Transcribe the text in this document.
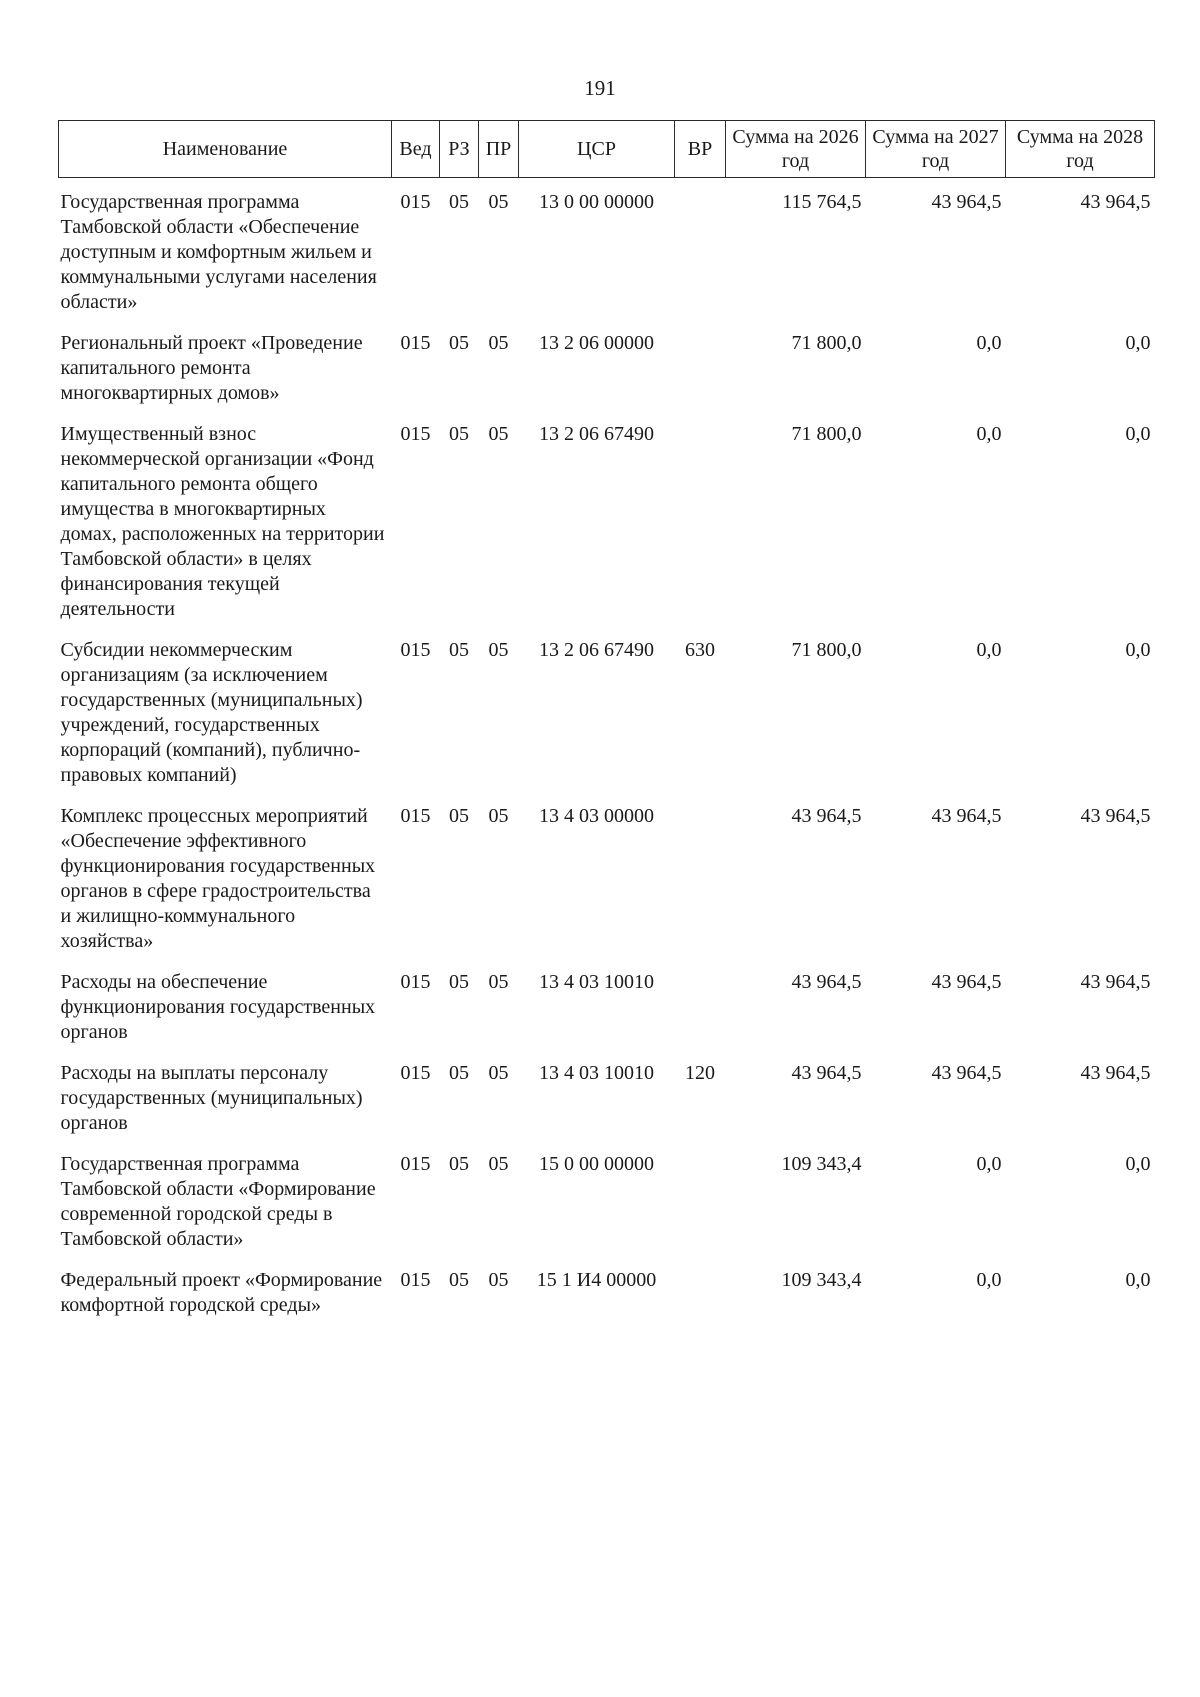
191
Наименование	Вед	РЗ	ПР	ЦСР	ВР	Сумма на 2026 год	Сумма на 2027 год	Сумма на 2028 год
Государственная программа Тамбовской области «Обеспечение доступным и комфортным жильем и коммунальными услугами населения области»	015	05	05	13 0 00 00000		115 764,5	43 964,5	43 964,5
Региональный проект «Проведение капитального ремонта многоквартирных домов»	015	05	05	13 2 06 00000		71 800,0	0,0	0,0
Имущественный взнос некоммерческой организации «Фонд капитального ремонта общего имущества в многоквартирных домах, расположенных на территории Тамбовской области» в целях финансирования текущей деятельности	015	05	05	13 2 06 67490		71 800,0	0,0	0,0
Субсидии некоммерческим организациям (за исключением государственных (муниципальных) учреждений, государственных корпораций (компаний), публично-правовых компаний)	015	05	05	13 2 06 67490	630	71 800,0	0,0	0,0
Комплекс процессных мероприятий «Обеспечение эффективного функционирования государственных органов в сфере градостроительства и жилищно-коммунального хозяйства»	015	05	05	13 4 03 00000		43 964,5	43 964,5	43 964,5
Расходы на обеспечение функционирования государственных органов	015	05	05	13 4 03 10010		43 964,5	43 964,5	43 964,5
Расходы на выплаты персоналу государственных (муниципальных) органов	015	05	05	13 4 03 10010	120	43 964,5	43 964,5	43 964,5
Государственная программа Тамбовской области «Формирование современной городской среды в Тамбовской области»	015	05	05	15 0 00 00000		109 343,4	0,0	0,0
Федеральный проект «Формирование комфортной городской среды»	015	05	05	15 1 И4 00000		109 343,4	0,0	0,0
